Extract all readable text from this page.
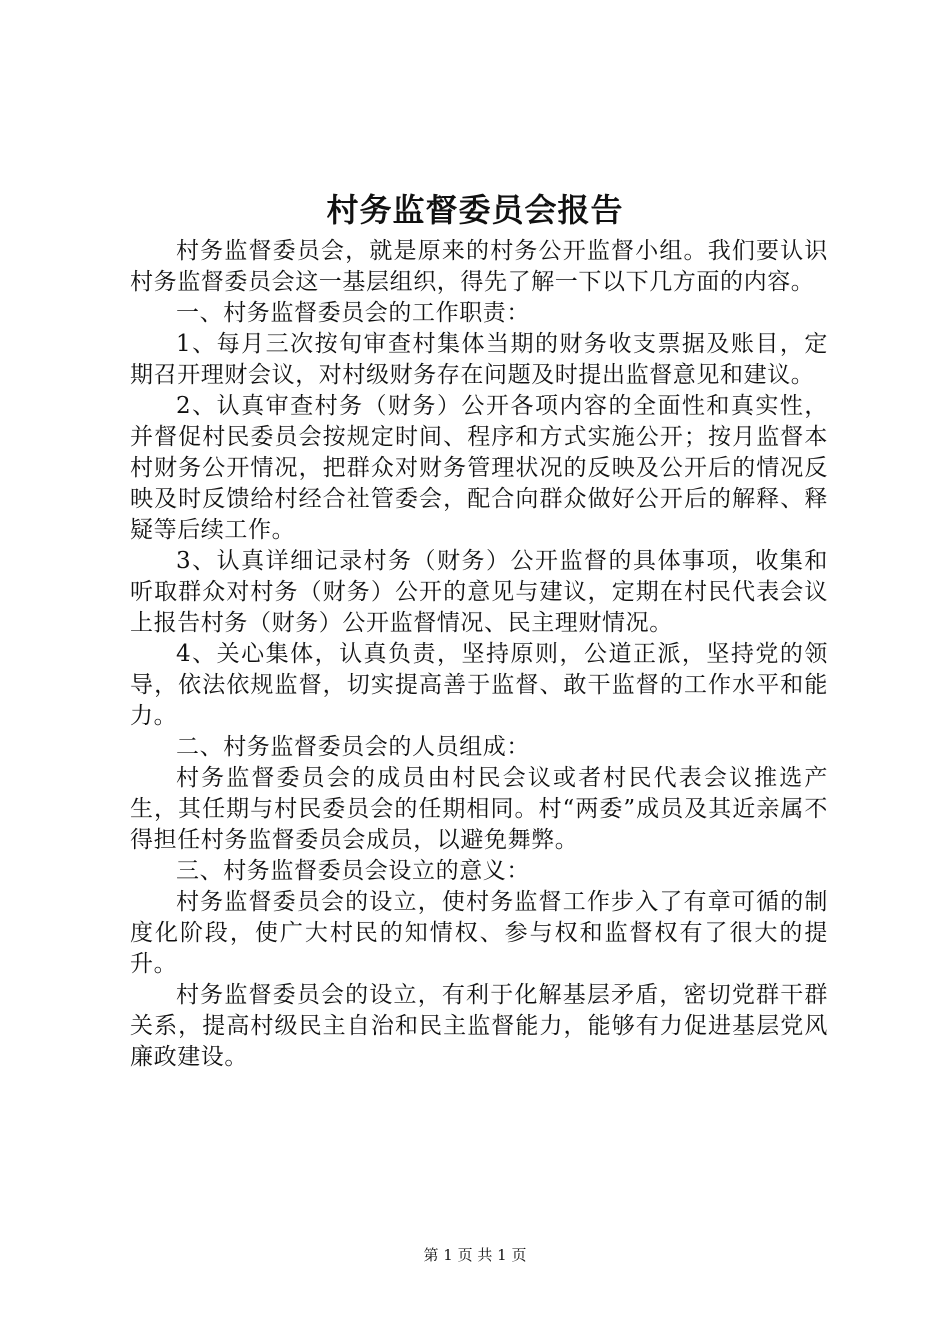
村务监督委员会报告

村务监督委员会，就是原来的村务公开监督小组。我们要认识村务监督委员会这一基层组织，得先了解一下以下几方面的内容。

一、村务监督委员会的工作职责：

1、每月三次按旬审查村集体当期的财务收支票据及账目，定期召开理财会议，对村级财务存在问题及时提出监督意见和建议。

2、认真审查村务（财务）公开各项内容的全面性和真实性，并督促村民委员会按规定时间、程序和方式实施公开；按月监督本村财务公开情况，把群众对财务管理状况的反映及公开后的情况反映及时反馈给村经合社管委会，配合向群众做好公开后的解释、释疑等后续工作。

3、认真详细记录村务（财务）公开监督的具体事项，收集和听取群众对村务（财务）公开的意见与建议，定期在村民代表会议上报告村务（财务）公开监督情况、民主理财情况。

4、关心集体，认真负责，坚持原则，公道正派，坚持党的领导，依法依规监督，切实提高善于监督、敢干监督的工作水平和能力。

二、村务监督委员会的人员组成：

村务监督委员会的成员由村民会议或者村民代表会议推选产生，其任期与村民委员会的任期相同。村“两委”成员及其近亲属不得担任村务监督委员会成员，以避免舞弊。

三、村务监督委员会设立的意义：

村务监督委员会的设立，使村务监督工作步入了有章可循的制度化阶段，使广大村民的知情权、参与权和监督权有了很大的提升。

村务监督委员会的设立，有利于化解基层矛盾，密切党群干群关系，提高村级民主自治和民主监督能力，能够有力促进基层党风廉政建设。

第 1 页 共 1 页
